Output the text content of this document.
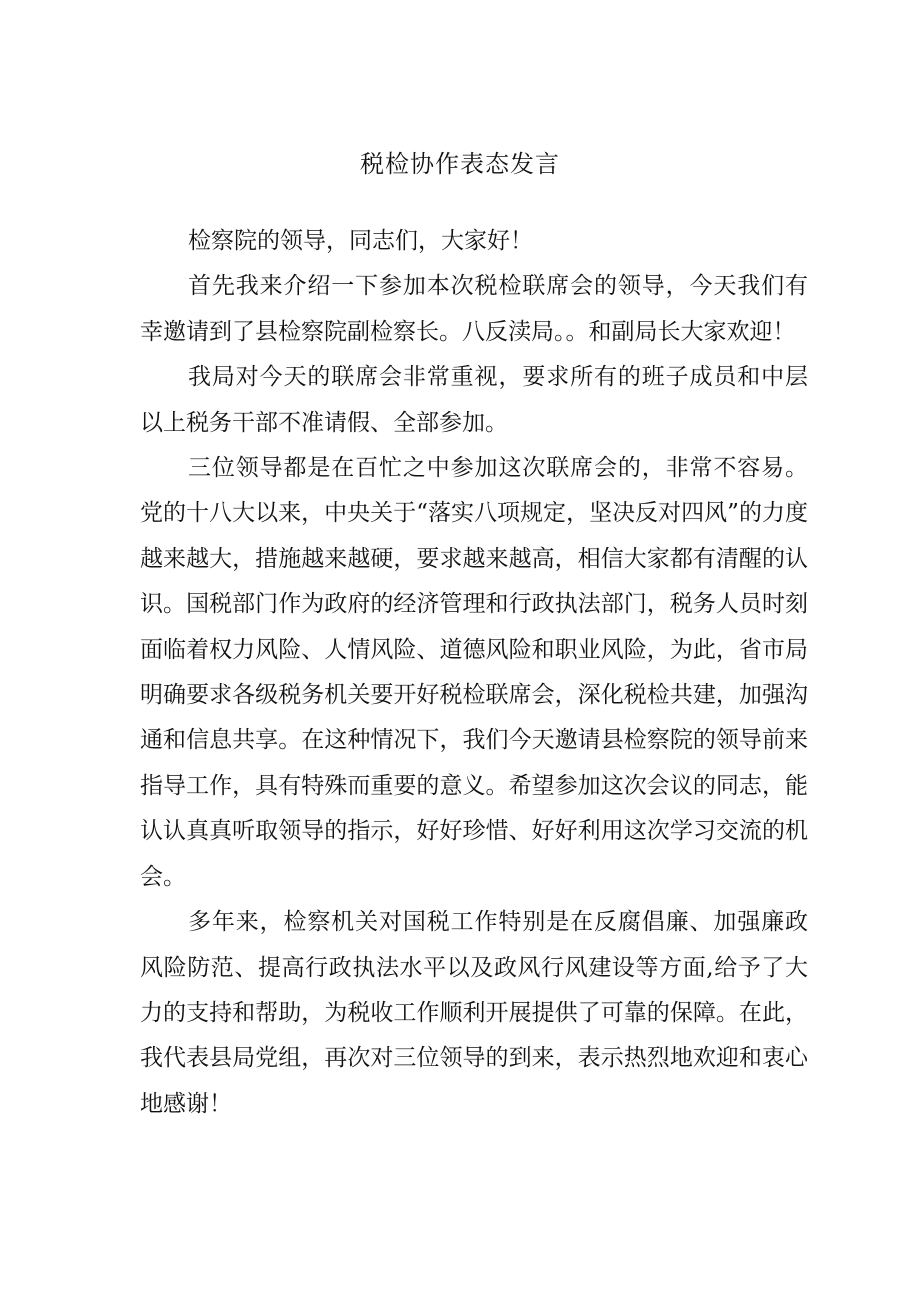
税检协作表态发言

检察院的领导，同志们，大家好！

首先我来介绍一下参加本次税检联席会的领导，今天我们有幸邀请到了县检察院副检察长。八反渎局。。和副局长大家欢迎！

我局对今天的联席会非常重视，要求所有的班子成员和中层以上税务干部不准请假、全部参加。

三位领导都是在百忙之中参加这次联席会的，非常不容易。党的十八大以来，中央关于“落实八项规定，坚决反对四风”的力度越来越大，措施越来越硬，要求越来越高，相信大家都有清醒的认识。国税部门作为政府的经济管理和行政执法部门，税务人员时刻面临着权力风险、人情风险、道德风险和职业风险，为此，省市局明确要求各级税务机关要开好税检联席会，深化税检共建，加强沟通和信息共享。在这种情况下，我们今天邀请县检察院的领导前来指导工作，具有特殊而重要的意义。希望参加这次会议的同志，能认认真真听取领导的指示，好好珍惜、好好利用这次学习交流的机会。

多年来，检察机关对国税工作特别是在反腐倡廉、加强廉政风险防范、提高行政执法水平以及政风行风建设等方面,给予了大力的支持和帮助，为税收工作顺利开展提供了可靠的保障。在此，我代表县局党组，再次对三位领导的到来，表示热烈地欢迎和衷心地感谢！
